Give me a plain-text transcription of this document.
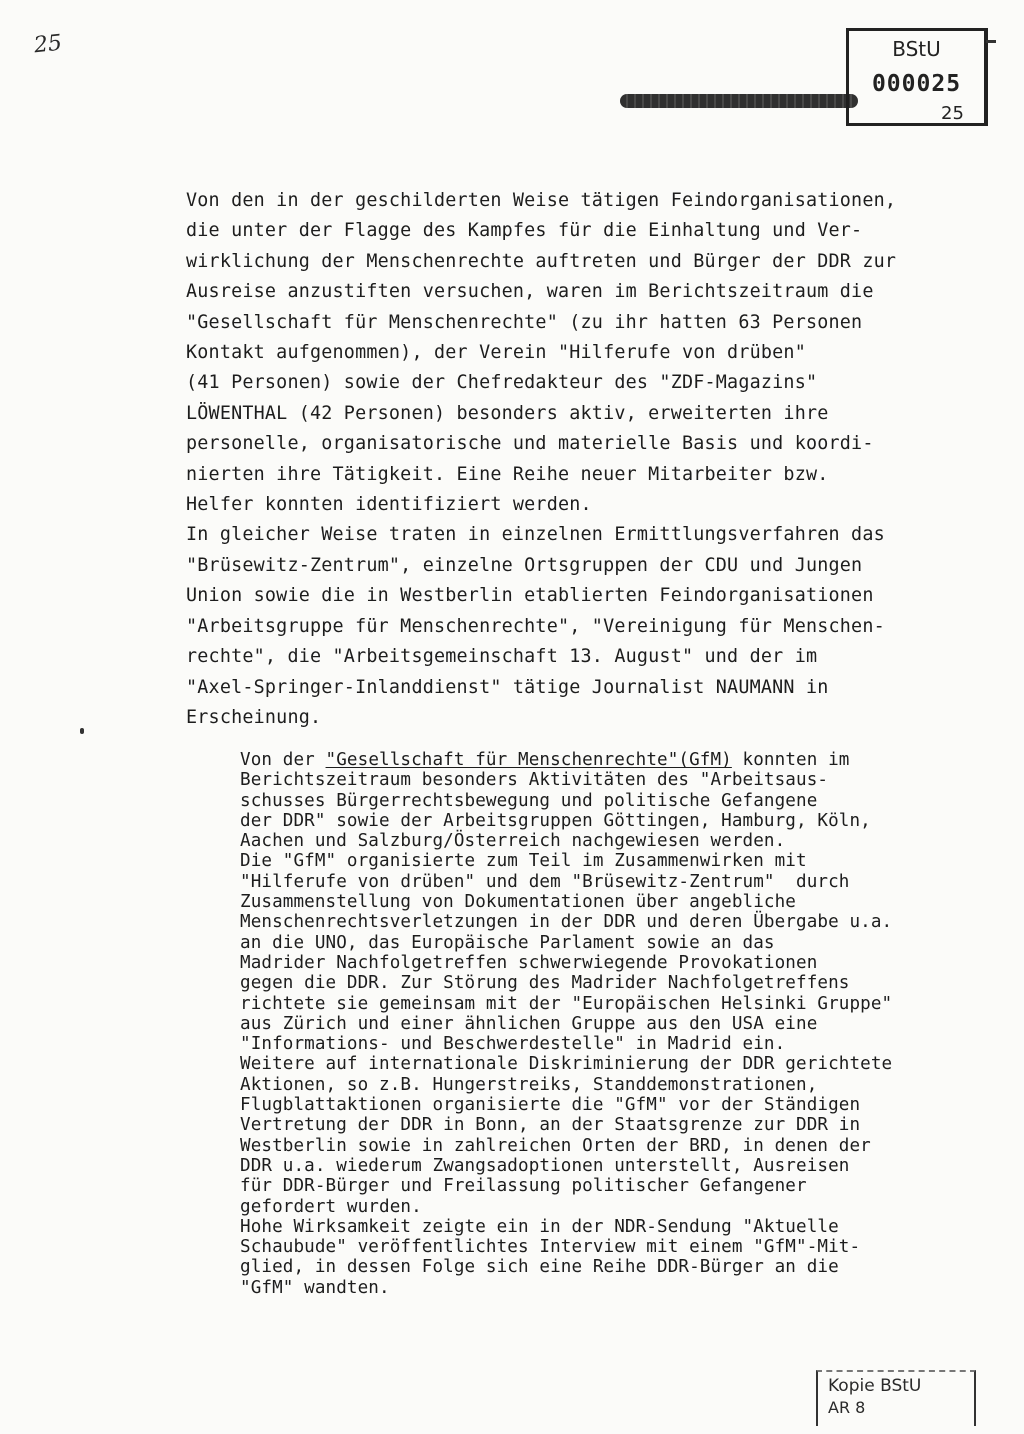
25	BStU
000025
25
Von den in der geschilderten Weise tätigen Feindorganisationen,
die unter der Flagge des Kampfes für die Einhaltung und Ver-
wirklichung der Menschenrechte auftreten und Bürger der DDR zur
Ausreise anzustiften versuchen, waren im Berichtszeitraum die
"Gesellschaft für Menschenrechte" (zu ihr hatten 63 Personen
Kontakt aufgenommen), der Verein "Hilferufe von drüben"
(41 Personen) sowie der Chefredakteur des "ZDF-Magazins"
LÖWENTHAL (42 Personen) besonders aktiv, erweiterten ihre
personelle, organisatorische und materielle Basis und koordi-
nierten ihre Tätigkeit. Eine Reihe neuer Mitarbeiter bzw.
Helfer konnten identifiziert werden.
In gleicher Weise traten in einzelnen Ermittlungsverfahren das
"Brüsewitz-Zentrum", einzelne Ortsgruppen der CDU und Jungen
Union sowie die in Westberlin etablierten Feindorganisationen
"Arbeitsgruppe für Menschenrechte", "Vereinigung für Menschen-
rechte", die "Arbeitsgemeinschaft 13. August" und der im
"Axel-Springer-Inlanddienst" tätige Journalist NAUMANN in
Erscheinung.
Von der "Gesellschaft für Menschenrechte"(GfM) konnten im
Berichtszeitraum besonders Aktivitäten des "Arbeitsaus-
schusses Bürgerrechtsbewegung und politische Gefangene
der DDR" sowie der Arbeitsgruppen Göttingen, Hamburg, Köln,
Aachen und Salzburg/Österreich nachgewiesen werden.
Die "GfM" organisierte zum Teil im Zusammenwirken mit
"Hilferufe von drüben" und dem "Brüsewitz-Zentrum"  durch
Zusammenstellung von Dokumentationen über angebliche
Menschenrechtsverletzungen in der DDR und deren Übergabe u.a.
an die UNO, das Europäische Parlament sowie an das
Madrider Nachfolgetreffen schwerwiegende Provokationen
gegen die DDR. Zur Störung des Madrider Nachfolgetreffens
richtete sie gemeinsam mit der "Europäischen Helsinki Gruppe"
aus Zürich und einer ähnlichen Gruppe aus den USA eine
"Informations- und Beschwerdestelle" in Madrid ein.
Weitere auf internationale Diskriminierung der DDR gerichtete
Aktionen, so z.B. Hungerstreiks, Standdemonstrationen,
Flugblattaktionen organisierte die "GfM" vor der Ständigen
Vertretung der DDR in Bonn, an der Staatsgrenze zur DDR in
Westberlin sowie in zahlreichen Orten der BRD, in denen der
DDR u.a. wiederum Zwangsadoptionen unterstellt, Ausreisen
für DDR-Bürger und Freilassung politischer Gefangener
gefordert wurden.
Hohe Wirksamkeit zeigte ein in der NDR-Sendung "Aktuelle
Schaubude" veröffentlichtes Interview mit einem "GfM"-Mit-
glied, in dessen Folge sich eine Reihe DDR-Bürger an die
"GfM" wandten.
Kopie BStU
AR 8
